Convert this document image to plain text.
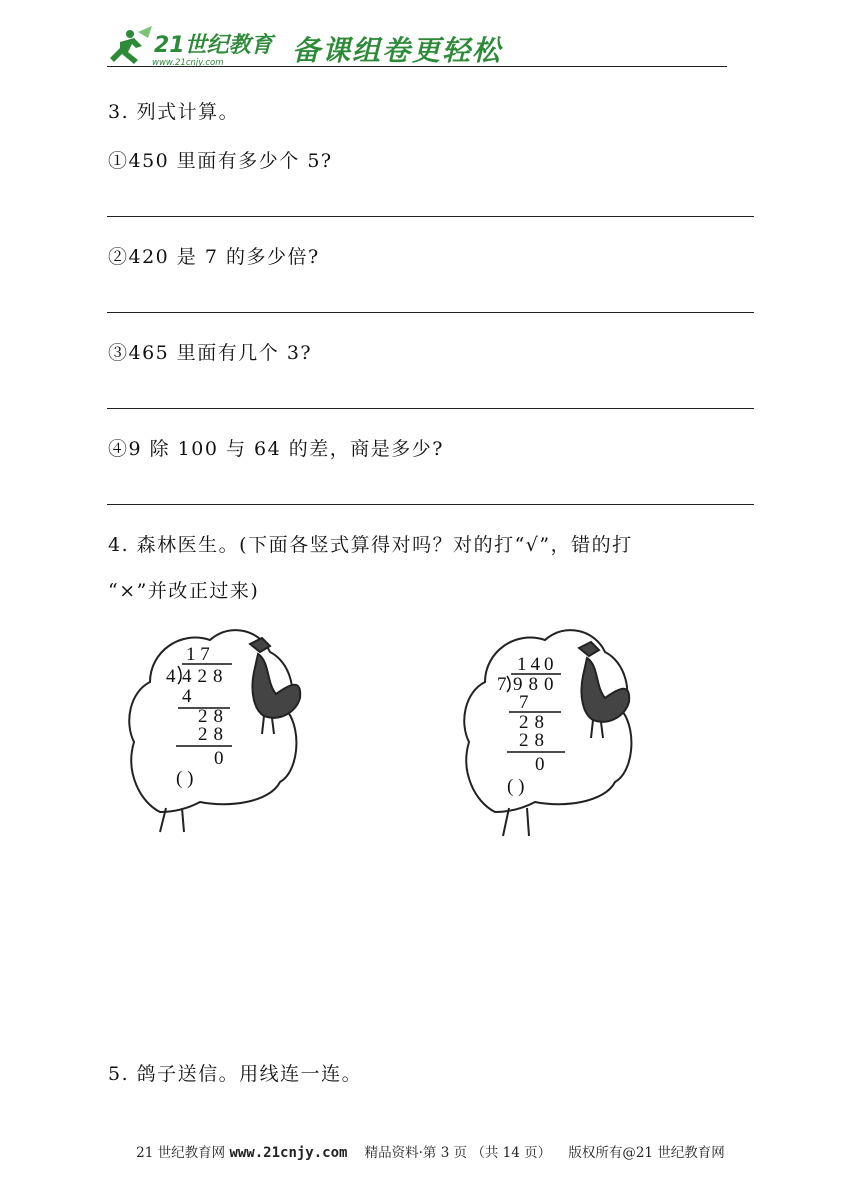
21世纪教育
www.21cnjy.com 备课组卷更轻松
3. 列式计算。
①450 里面有多少个 5?
②420 是 7 的多少倍?
③465 里面有几个 3?
④9 除 100 与 64 的差，商是多少?
4. 森林医生。(下面各竖式算得对吗？对的打“√”，错的打
“×”并改正过来)
1 7
4 428
4
28
28
0
( )
140
7 980
7
28
28
0
( )
5. 鸽子送信。用线连一连。
21 世纪教育网 www.21cnjy.com 精品资料·第 3 页 （共 14 页） 版权所有@21 世纪教育网
